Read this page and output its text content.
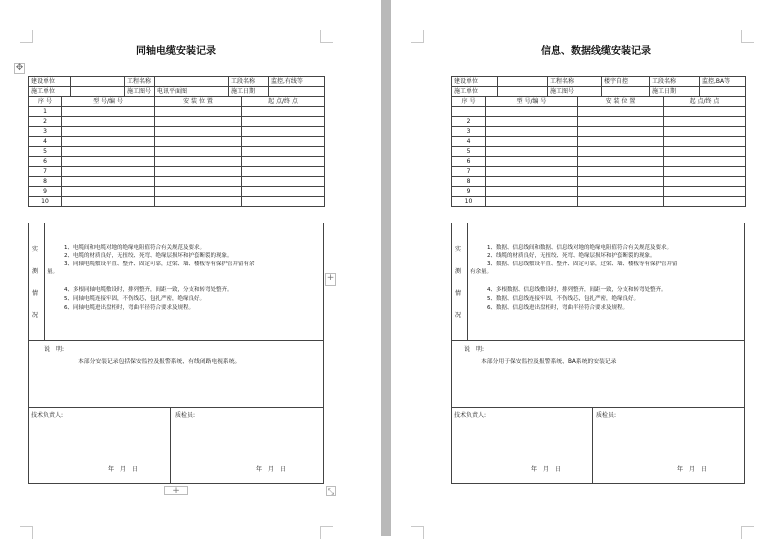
✥
同轴电缆安装记录
建设单位		工程名称		工段名称	监控,有线等
施工单位		施工图号	电讯平面图	施工日期	
序 号	型 号/编 号	安 装 位 置	起 点/终 点
1			
2			
3			
4			
5			
6			
7			
8			
9			
10			
实
测
情
况
1、电缆间和电缆对地的绝缘电阻值符合有关规范及要求。
2、电缆的材质良好，无扭绞、死弯、绝缘层损坏和护套断裂的现象。
3、同轴电缆敷设平直、整齐、固定可靠，过梁、墙、楼板等有保护管并留有余
量。
4、多根同轴电缆敷设时，排列整齐，间距一致，分支和转弯处整齐。
5、同轴电缆连接牢固，不伤线芯，包扎严密，绝缘良好。
6、同轴电缆进出盘柜时，弯曲半径符合要求及规程。
说　明:
本部分安装记录包括保安监控及报警系统、有线闭路电视系统。
技术负责人:	质检员:
年　月　日	年　月　日
+
+	⤡
信息、数据线缆安装记录
建设单位		工程名称	楼宇自控	工段名称	监控,BA等
施工单位		施工图号		施工日期	
序 号	型 号/编 号	安 装 位 置	起 点/终 点

2			
3			
4			
5			
6			
7			
8			
9			
10			
实
测
情
况
1、数据、信息线间和数据、信息线对地的绝缘电阻值符合有关规范及要求。
2、线缆的材质良好，无扭绞、死弯、绝缘层损坏和护套断裂的现象。
3、数据、信息线敷设平直、整齐、固定可靠，过梁、墙、楼板等有保护管并留
有余量。
4、多根数据、信息线敷设时，排列整齐，间距一致，分支和转弯处整齐。
5、数据、信息线连接牢固，不伤线芯，包扎严密，绝缘良好。
6、数据、信息线进出盘柜时，弯曲半径符合要求及规程。
说　明:
本部分用于保安监控及报警系统、BA系统的安装记录
技术负责人:	质检员:
年　月　日	年　月　日
